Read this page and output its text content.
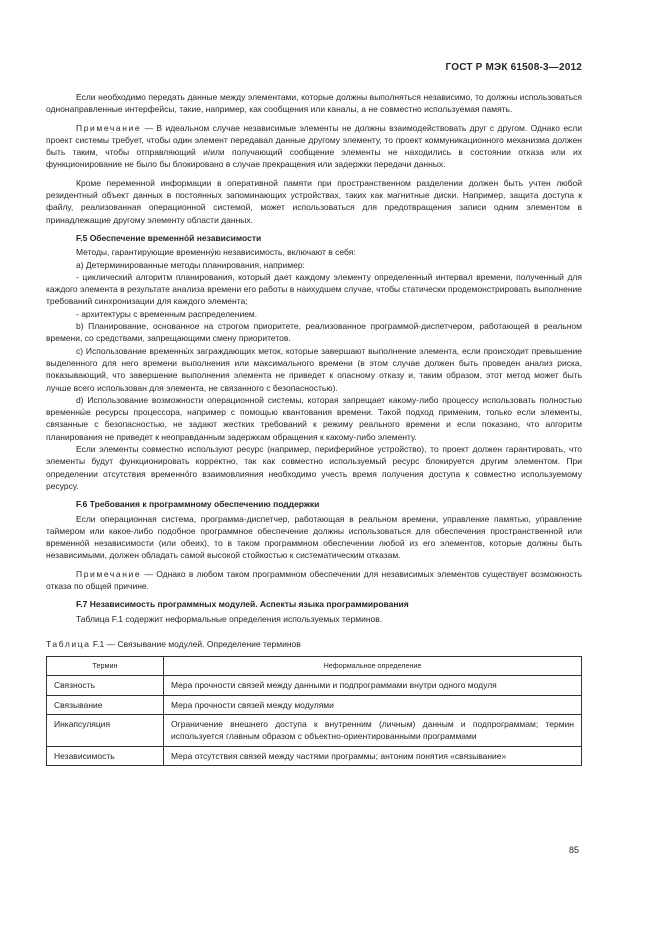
ГОСТ Р МЭК 61508-3—2012

Если необходимо передать данные между элементами, которые должны выполняться независимо, то должны использоваться однонаправленные интерфейсы, такие, например, как сообщения или каналы, а не совместно используемая память.

Примечание — В идеальном случае независимые элементы не должны взаимодействовать друг с другом. Однако если проект системы требует, чтобы один элемент передавал данные другому элементу, то проект коммуникационного механизма должен быть таким, чтобы отправляющий и/или получающий сообщение элементы не находились в состоянии отказа или их функционирование не было бы блокировано в случае прекращения или задержки передачи данных.

Кроме переменной информации в оперативной памяти при пространственном разделении должен быть учтен любой резидентный объект данных в постоянных запоминающих устройствах, таких как магнитные диски. Например, защита доступа к файлу, реализованная операционной системой, может использоваться для предотвращения записи одним элементом в принадлежащие другому элементу области данных.

F.5 Обеспечение временно́й независимости

Методы, гарантирующие временну́ю независимость, включают в себя:

a) Детерминированные методы планирования, например:

- циклический алгоритм планирования, который дает каждому элементу определенный интервал времени, полученный для каждого элемента в результате анализа времени его работы в наихудшем случае, чтобы статически продемонстрировать выполнение требований синхронизации для каждого элемента;

- архитектуры с временным распределением.

b) Планирование, основанное на строгом приоритете, реализованное программой-диспетчером, работающей в реальном времени, со средствами, запрещающими смену приоритетов.

c) Использование временны́х заграждающих меток, которые завершают выполнение элемента, если происходит превышение выделенного для него времени выполнения или максимального времени (в этом случае должен быть проведен анализ риска, показывающий, что завершение выполнения элемента не приведет к опасному отказу и, таким образом, этот метод может быть лучше всего использован для элемента, не связанного с безопасностью).

d) Использование возможности операционной системы, которая запрещает какому-либо процессу использовать полностью временны́е ресурсы процессора, например с помощью квантования времени. Такой подход применим, только если элементы, связанные с безопасностью, не задают жестких требований к режиму реального времени и если показано, что алгоритм планирования не приведет к неоправданным задержкам обращения к какому-либо элементу.

Если элементы совместно используют ресурс (например, периферийное устройство), то проект должен гарантировать, что элементы будут функционировать корректно, так как совместно используемый ресурс блокируется другим элементом. При определении отсутствия временно́го взаимовлияния необходимо учесть время получения доступа к совместно используемому ресурсу.

F.6 Требования к программному обеспечению поддержки

Если операционная система, программа-диспетчер, работающая в реальном времени, управление памятью, управление таймером или какое-либо подобное программное обеспечение должны использоваться для обеспечения пространственной или временно́й независимости (или обеих), то в таком программном обеспечении любой из его элементов, которые должны быть независимыми, должен обладать самой высокой стойкостью к систематическим отказам.

Примечание — Однако в любом таком программном обеспечении для независимых элементов существует возможность отказа по общей причине.

F.7 Независимость программных модулей. Аспекты языка программирования

Таблица F.1 содержит неформальные определения используемых терминов.

Таблица F.1 — Связывание модулей. Определение терминов

Термин	Неформальное определение
Связность	Мера прочности связей между данными и подпрограммами внутри одного модуля
Связывание	Мера прочности связей между модулями
Инкапсуляция	Ограничение внешнего доступа к внутренним (личным) данным и подпрограммам; термин используется главным образом с объектно-ориентированными программами
Независимость	Мера отсутствия связей между частями программы; антоним понятия «связывание»
85
